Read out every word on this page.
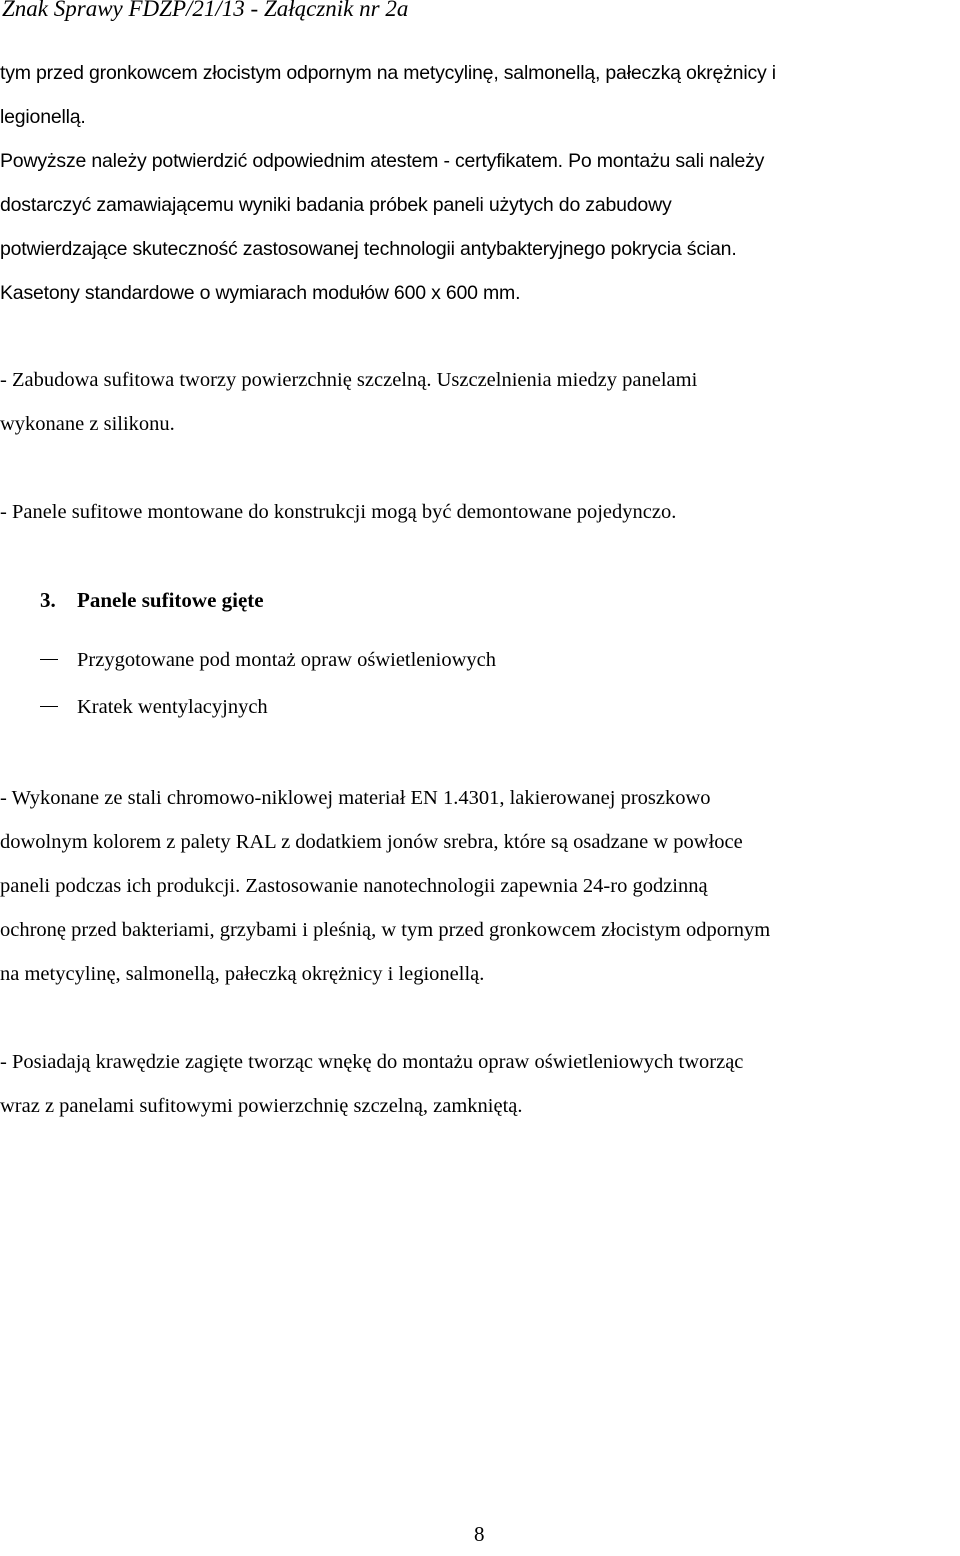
Znak Sprawy FDZP/21/13 - Załącznik nr 2a
tym przed gronkowcem złocistym odpornym na metycylinę, salmonellą, pałeczką okrężnicy i
legionellą.
Powyższe należy potwierdzić odpowiednim atestem - certyfikatem. Po montażu sali należy
dostarczyć zamawiającemu wyniki badania próbek paneli użytych do zabudowy
potwierdzające skuteczność zastosowanej technologii antybakteryjnego pokrycia ścian.
Kasetony standardowe o wymiarach modułów 600 x 600 mm.
- Zabudowa sufitowa tworzy powierzchnię szczelną. Uszczelnienia miedzy panelami
wykonane z silikonu.
- Panele sufitowe montowane do konstrukcji mogą być demontowane pojedynczo.
3. Panele sufitowe gięte
Przygotowane pod montaż opraw oświetleniowych
Kratek wentylacyjnych
- Wykonane ze stali chromowo-niklowej materiał EN 1.4301, lakierowanej proszkowo
dowolnym kolorem z palety RAL z dodatkiem jonów srebra, które są osadzane w powłoce
paneli podczas ich produkcji. Zastosowanie nanotechnologii zapewnia 24-ro godzinną
ochronę przed bakteriami, grzybami i pleśnią, w tym przed gronkowcem złocistym odpornym
na metycylinę, salmonellą, pałeczką okrężnicy i legionellą.
- Posiadają krawędzie zagięte tworząc wnękę do montażu opraw oświetleniowych tworząc
wraz z panelami sufitowymi powierzchnię szczelną, zamkniętą.
8
